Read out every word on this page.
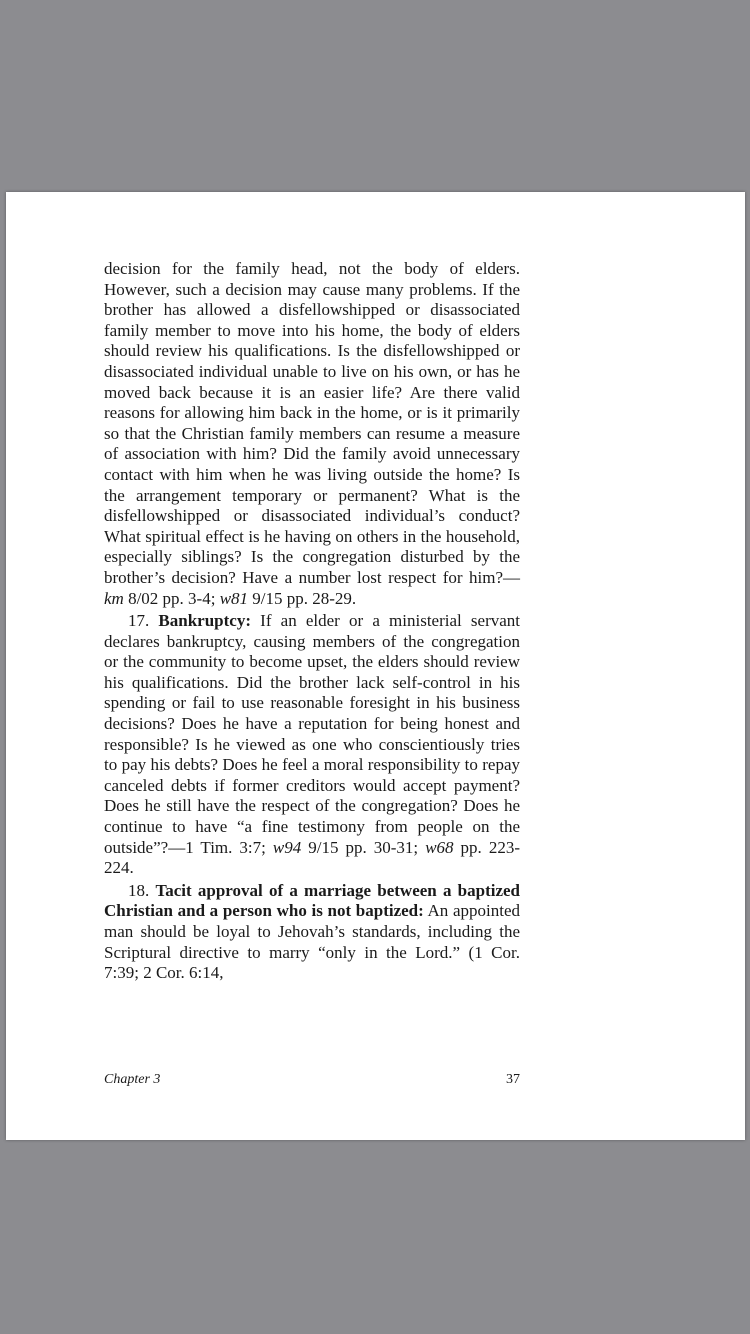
decision for the family head, not the body of elders. However, such a decision may cause many problems. If the brother has allowed a disfellowshipped or disassociated family member to move into his home, the body of elders should review his qualifications. Is the disfellowshipped or disassociated individual unable to live on his own, or has he moved back because it is an easier life? Are there valid reasons for allowing him back in the home, or is it primarily so that the Christian family members can resume a measure of association with him? Did the family avoid unnecessary contact with him when he was living outside the home? Is the arrangement temporary or permanent? What is the disfellowshipped or disassociated individual’s conduct? What spiritual effect is he having on others in the household, especially siblings? Is the congregation disturbed by the brother’s decision? Have a number lost respect for him?—km 8/02 pp. 3-4; w81 9/15 pp. 28-29.

17. Bankruptcy: If an elder or a ministerial servant declares bankruptcy, causing members of the congregation or the community to become upset, the elders should review his qualifications. Did the brother lack self-control in his spending or fail to use reasonable foresight in his business decisions? Does he have a reputation for being honest and responsible? Is he viewed as one who conscientiously tries to pay his debts? Does he feel a moral responsibility to repay canceled debts if former creditors would accept payment? Does he still have the respect of the congregation? Does he continue to have “a fine testimony from people on the outside”?—1 Tim. 3:7; w94 9/15 pp. 30-31; w68 pp. 223-224.

18. Tacit approval of a marriage between a baptized Christian and a person who is not baptized: An appointed man should be loyal to Jehovah’s standards, including the Scriptural directive to marry “only in the Lord.” (1 Cor. 7:39; 2 Cor. 6:14,

Chapter 3	37
